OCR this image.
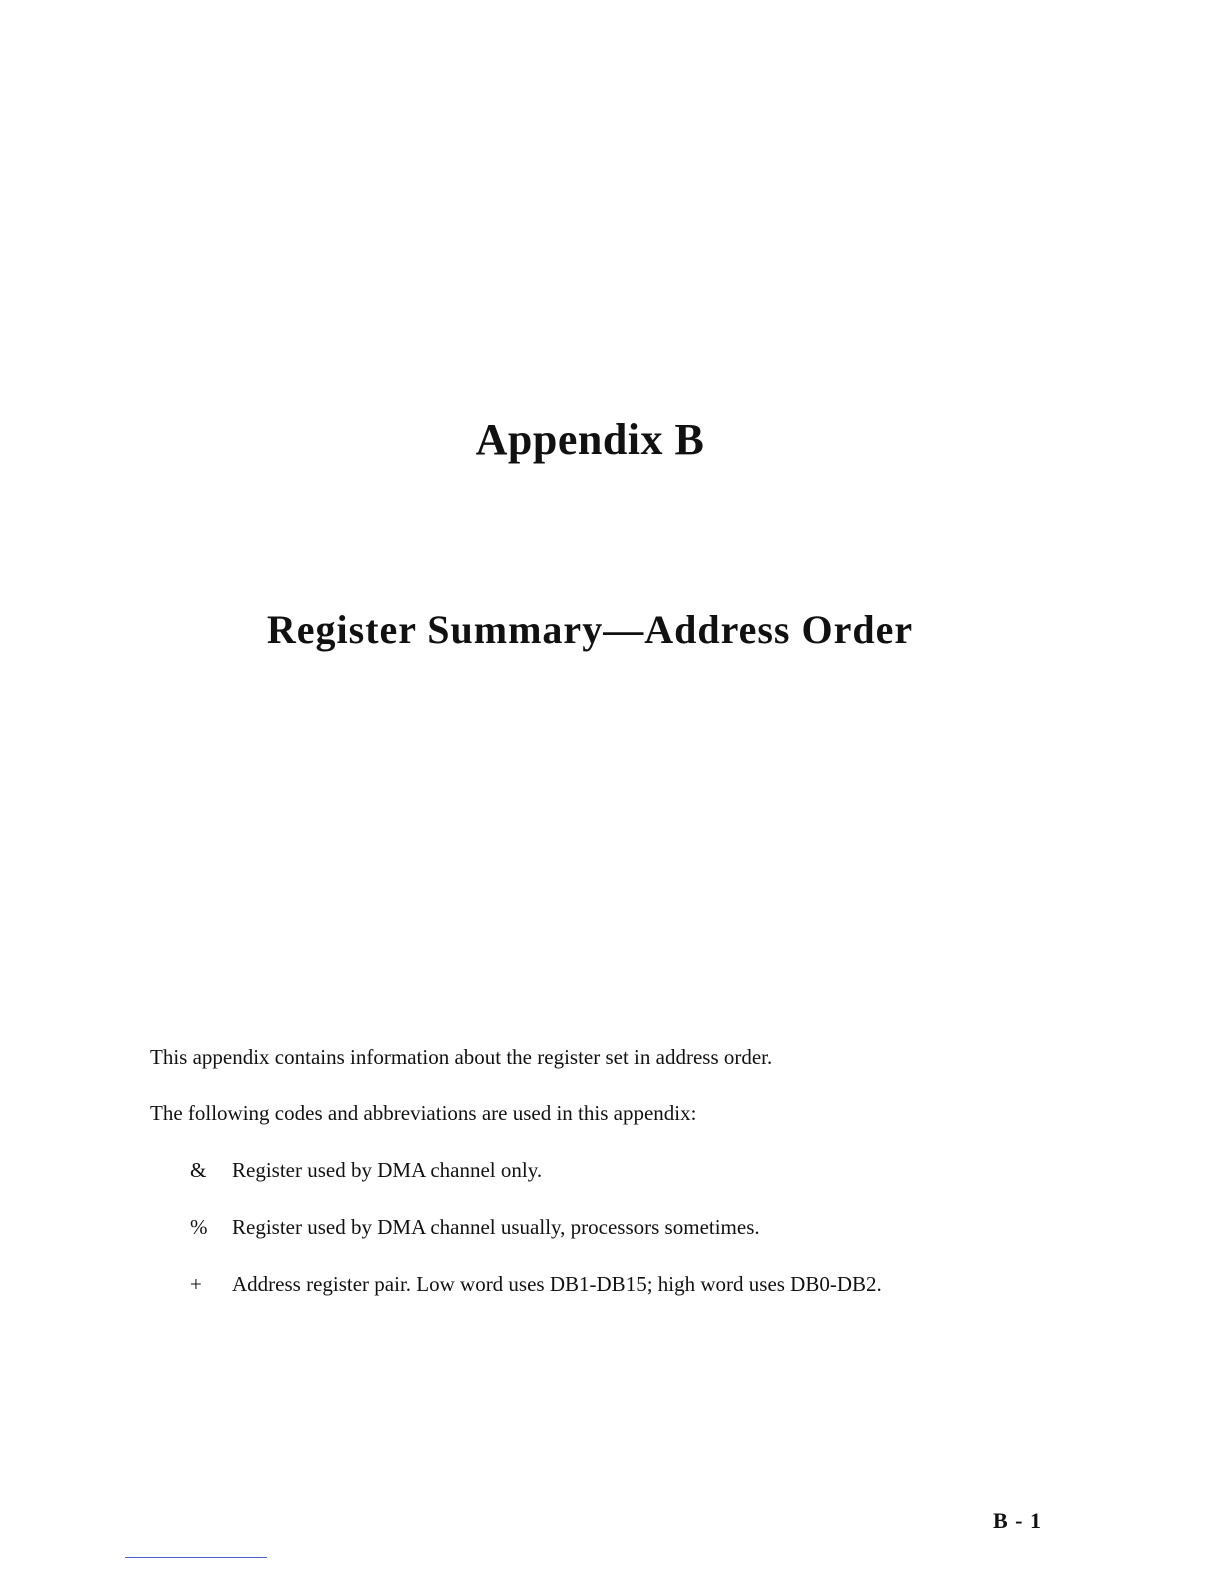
Appendix B
Register Summary—Address Order

This appendix contains information about the register set in address order.

The following codes and abbreviations are used in this appendix:

& Register used by DMA channel only.
% Register used by DMA channel usually, processors sometimes.
+ Address register pair. Low word uses DB1-DB15; high word uses DB0-DB2.
B - 1
